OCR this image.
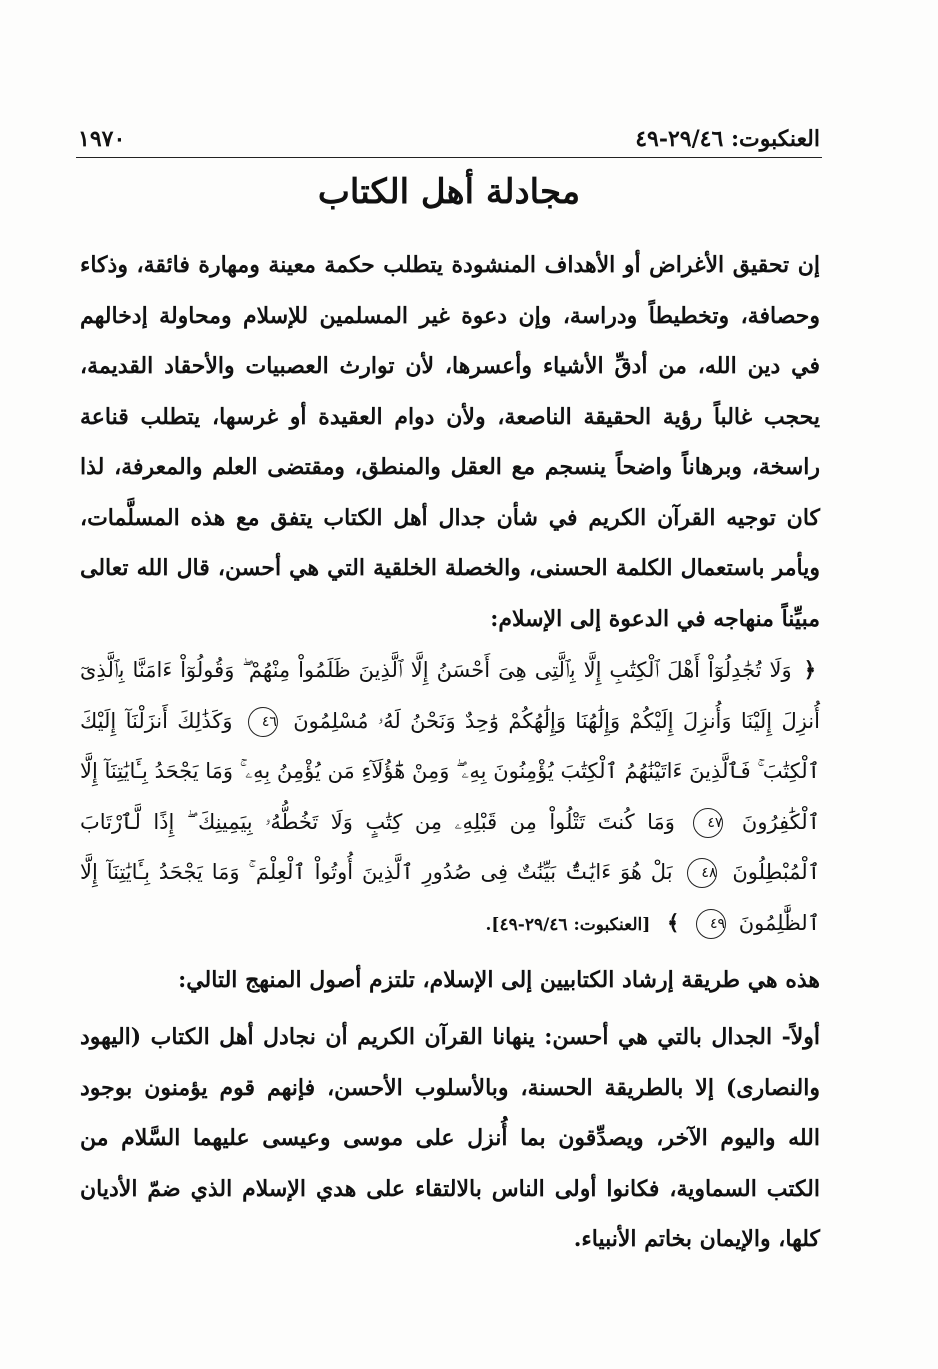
العنكبوت: ٢٩/٤٦-٤٩
١٩٧٠
مجادلة أهل الكتاب

إن تحقيق الأغراض أو الأهداف المنشودة يتطلب حكمة معينة ومهارة فائقة، وذكاء وحصافة، وتخطيطاً ودراسة، وإن دعوة غير المسلمين للإسلام ومحاولة إدخالهم في دين الله، من أدقِّ الأشياء وأعسرها، لأن توارث العصبيات والأحقاد القديمة، يحجب غالباً رؤية الحقيقة الناصعة، ولأن دوام العقيدة أو غرسها، يتطلب قناعة راسخة، وبرهاناً واضحاً ينسجم مع العقل والمنطق، ومقتضى العلم والمعرفة، لذا كان توجيه القرآن الكريم في شأن جدال أهل الكتاب يتفق مع هذه المسلَّمات، ويأمر باستعمال الكلمة الحسنى، والخصلة الخلقية التي هي أحسن، قال الله تعالى مبيِّناً منهاجه في الدعوة إلى الإسلام:

﴿ وَلَا تُجَٰدِلُوٓاْ أَهْلَ ٱلْكِتَٰبِ إِلَّا بِٱلَّتِى هِىَ أَحْسَنُ إِلَّا ٱلَّذِينَ ظَلَمُواْ مِنْهُمْ ۖ وَقُولُوٓاْ ءَامَنَّا بِٱلَّذِىٓ أُنزِلَ إِلَيْنَا وَأُنزِلَ إِلَيْكُمْ وَإِلَٰهُنَا وَإِلَٰهُكُمْ وَٰحِدٌ وَنَحْنُ لَهُۥ مُسْلِمُونَ ٤٦ وَكَذَٰلِكَ أَنزَلْنَآ إِلَيْكَ ٱلْكِتَٰبَ ۚ فَٱلَّذِينَ ءَاتَيْنَٰهُمُ ٱلْكِتَٰبَ يُؤْمِنُونَ بِهِۦ ۖ وَمِنْ هَٰٓؤُلَآءِ مَن يُؤْمِنُ بِهِۦ ۚ وَمَا يَجْحَدُ بِـَٔايَٰتِنَآ إِلَّا ٱلْكَٰفِرُونَ ٤٧ وَمَا كُنتَ تَتْلُواْ مِن قَبْلِهِۦ مِن كِتَٰبٍ وَلَا تَخُطُّهُۥ بِيَمِينِكَ ۖ إِذًا لَّٱرْتَابَ ٱلْمُبْطِلُونَ ٤٨ بَلْ هُوَ ءَايَٰتٌۢ بَيِّنَٰتٌ فِى صُدُورِ ٱلَّذِينَ أُوتُواْ ٱلْعِلْمَ ۚ وَمَا يَجْحَدُ بِـَٔايَٰتِنَآ إِلَّا ٱلظَّٰلِمُونَ ٤٩ ﴾ [العنكبوت: ٢٩/٤٦-٤٩].

هذه هي طريقة إرشاد الكتابيين إلى الإسلام، تلتزم أصول المنهج التالي:

أولاً- الجدال بالتي هي أحسن: ينهانا القرآن الكريم أن نجادل أهل الكتاب (اليهود والنصارى) إلا بالطريقة الحسنة، وبالأسلوب الأحسن، فإنهم قوم يؤمنون بوجود الله واليوم الآخر، ويصدِّقون بما أُنزل على موسى وعيسى عليهما السَّلام من الكتب السماوية، فكانوا أولى الناس بالالتقاء على هدي الإسلام الذي ضمّ الأديان كلها، والإيمان بخاتم الأنبياء.
